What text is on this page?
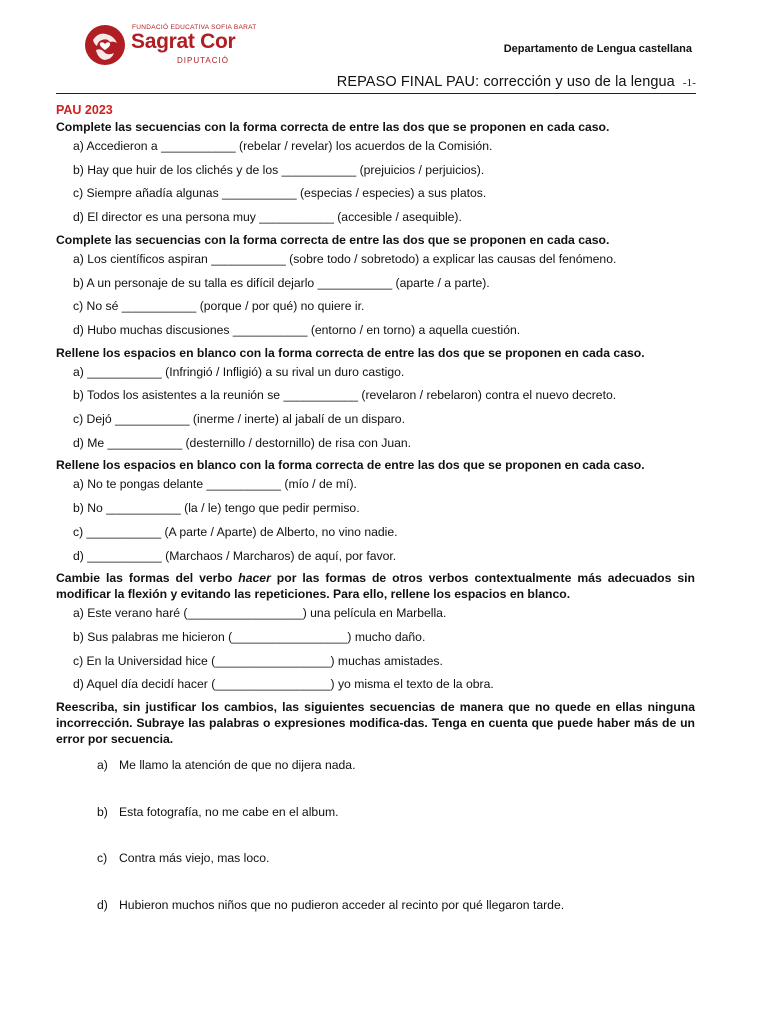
FUNDACIÓ EDUCATIVA SOFIA BARAT
Sagrat Cor
DIPUTACIÓ
Departamento de Lengua castellana
REPASO FINAL PAU: corrección y uso de la lengua -1-
PAU 2023

Complete las secuencias con la forma correcta de entre las dos que se proponen en cada caso.

a) Accedieron a ___________ (rebelar / revelar) los acuerdos de la Comisión.
b) Hay que huir de los clichés y de los ___________ (prejuicios / perjuicios).
c) Siempre añadía algunas ___________ (especias / especies) a sus platos.
d) El director es una persona muy ___________ (accesible / asequible).

Complete las secuencias con la forma correcta de entre las dos que se proponen en cada caso.

a) Los científicos aspiran ___________ (sobre todo / sobretodo) a explicar las causas del fenómeno.
b) A un personaje de su talla es difícil dejarlo ___________ (aparte / a parte).
c) No sé ___________ (porque / por qué) no quiere ir.
d) Hubo muchas discusiones ___________ (entorno / en torno) a aquella cuestión.

Rellene los espacios en blanco con la forma correcta de entre las dos que se proponen en cada caso.

a) ___________ (Infringió / Infligió) a su rival un duro castigo.
b) Todos los asistentes a la reunión se ___________ (revelaron / rebelaron) contra el nuevo decreto.
c) Dejó ___________ (inerme / inerte) al jabalí de un disparo.
d) Me ___________ (desternillo / destornillo) de risa con Juan.

Rellene los espacios en blanco con la forma correcta de entre las dos que se proponen en cada caso.

a) No te pongas delante ___________ (mío / de mí).
b) No ___________ (la / le) tengo que pedir permiso.
c) ___________ (A parte / Aparte) de Alberto, no vino nadie.
d) ___________ (Marchaos / Marcharos) de aquí, por favor.

Cambie las formas del verbo hacer por las formas de otros verbos contextualmente más adecuados sin modificar la flexión y evitando las repeticiones. Para ello, rellene los espacios en blanco.

a) Este verano haré (_________________) una película en Marbella.
b) Sus palabras me hicieron (_________________) mucho daño.
c) En la Universidad hice (_________________) muchas amistades.
d) Aquel día decidí hacer (_________________) yo misma el texto de la obra.

Reescriba, sin justificar los cambios, las siguientes secuencias de manera que no quede en ellas ninguna incorrección. Subraye las palabras o expresiones modifica-das. Tenga en cuenta que puede haber más de un error por secuencia.

a) Me llamo la atención de que no dijera nada.
b) Esta fotografía, no me cabe en el album.
c) Contra más viejo, mas loco.
d) Hubieron muchos niños que no pudieron acceder al recinto por qué llegaron tarde.
